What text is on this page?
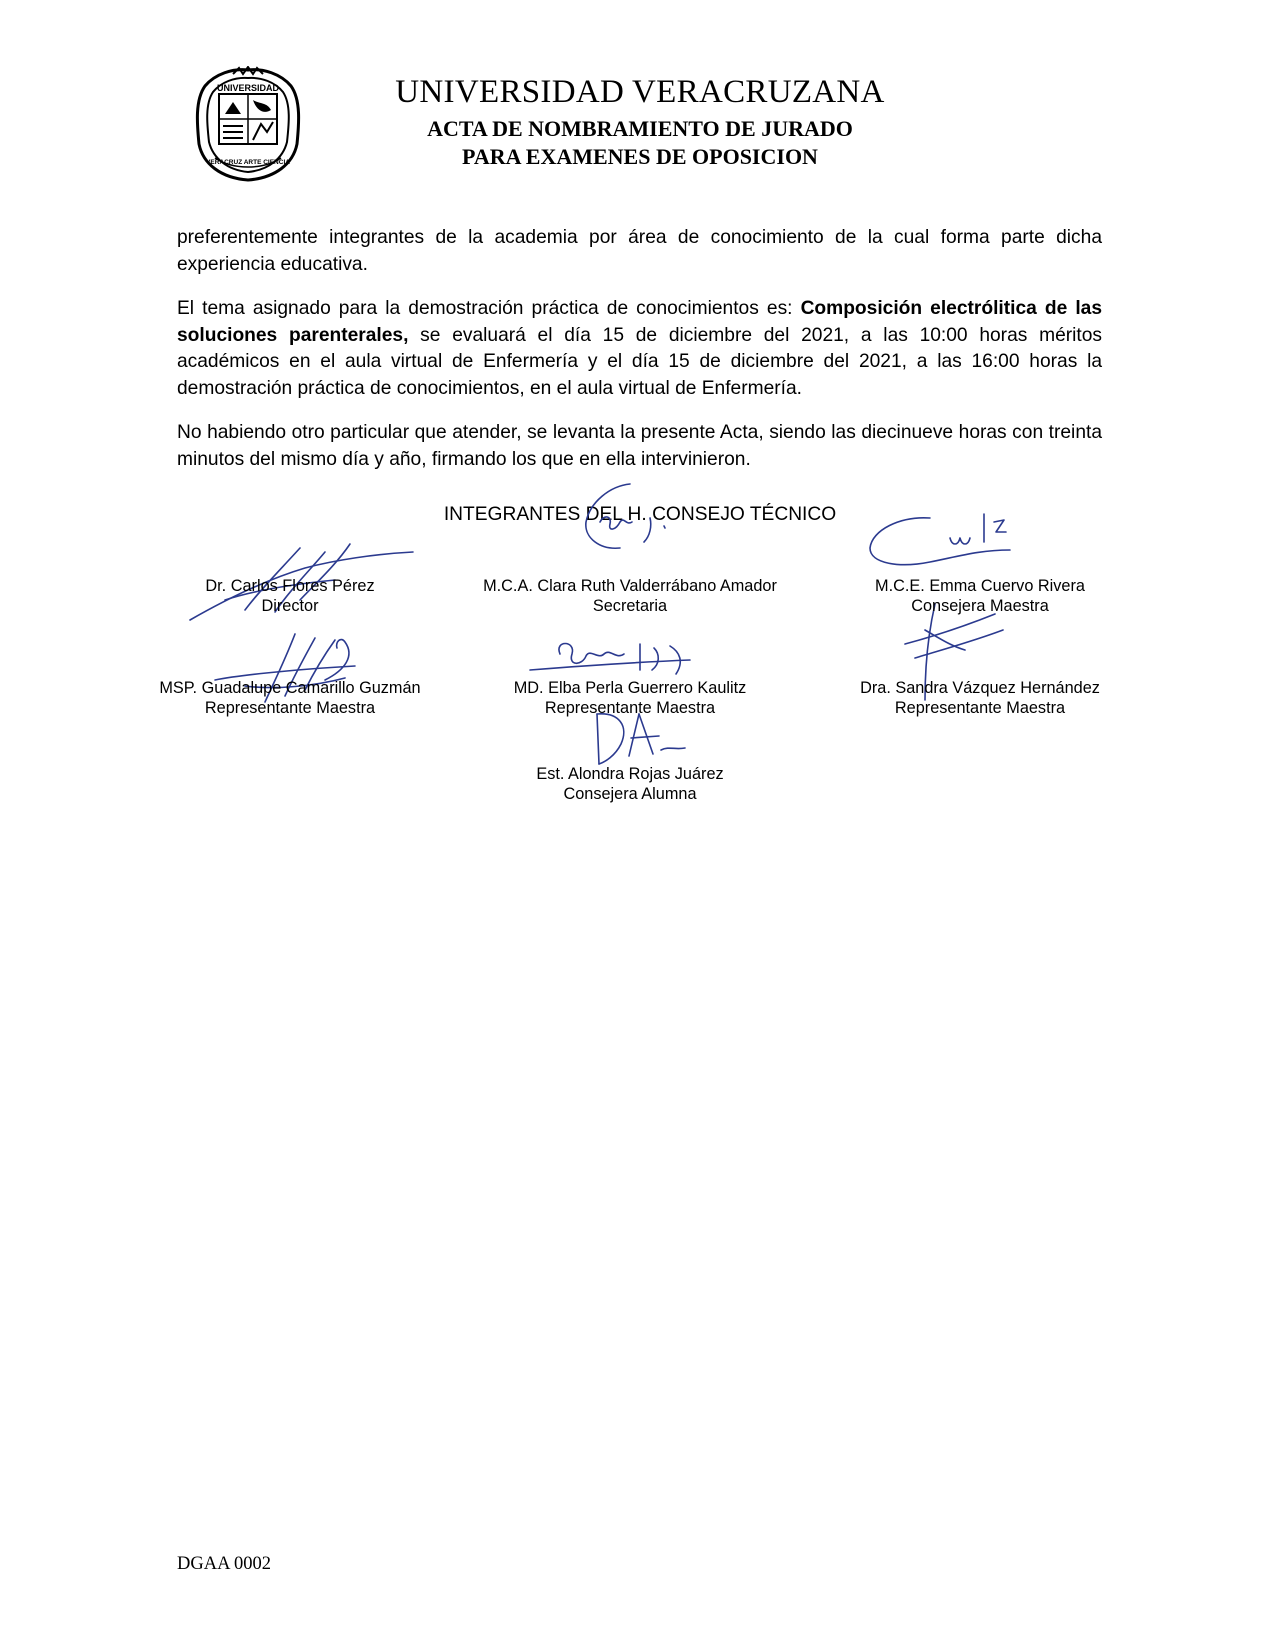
UNIVERSIDAD
VERACRUZ ARTE CIENCIA
UNIVERSIDAD VERACRUZANA
ACTA DE NOMBRAMIENTO DE JURADO
PARA EXAMENES DE OPOSICION

preferentemente integrantes de la academia por área de conocimiento de la cual forma parte dicha experiencia educativa.

El tema asignado para la demostración práctica de conocimientos es: Composición electrólitica de las soluciones parenterales, se evaluará el día 15 de diciembre del 2021, a las 10:00 horas méritos académicos en el aula virtual de Enfermería y el día 15 de diciembre del 2021, a las 16:00 horas la demostración práctica de conocimientos, en el aula virtual de Enfermería.

No habiendo otro particular que atender, se levanta la presente Acta, siendo las diecinueve horas con treinta minutos del mismo día y año, firmando los que en ella intervinieron.

INTEGRANTES DEL H. CONSEJO TÉCNICO
Dr. Carlos Flores Pérez
Director
M.C.A. Clara Ruth Valderrábano Amador
Secretaria
M.C.E. Emma Cuervo Rivera
Consejera Maestra
MSP. Guadalupe Camarillo Guzmán
Representante Maestra
MD. Elba Perla Guerrero Kaulitz
Representante Maestra
Dra. Sandra Vázquez Hernández
Representante Maestra
Est. Alondra Rojas Juárez
Consejera Alumna
DGAA 0002
